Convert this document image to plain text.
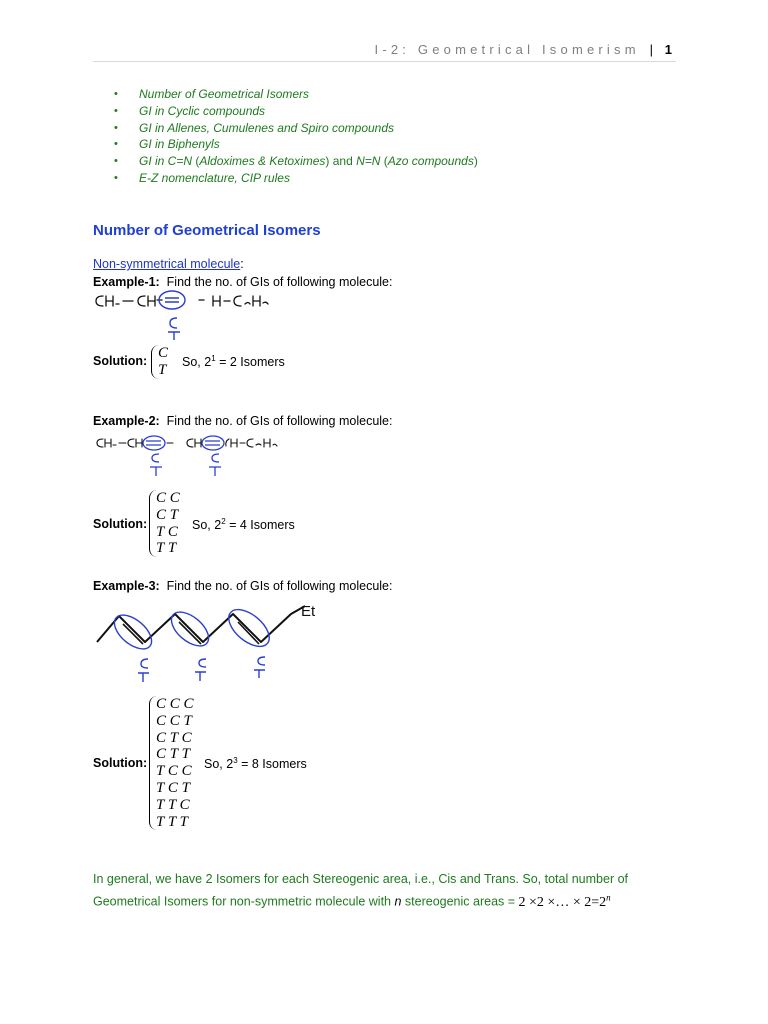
I-2: Geometrical Isomerism | 1
• Number of Geometrical Isomers
• GI in Cyclic compounds
• GI in Allenes, Cumulenes and Spiro compounds
• GI in Biphenyls
• GI in C=N (Aldoximes & Ketoximes) and N=N (Azo compounds)
• E-Z nomenclature, CIP rules
Number of Geometrical Isomers
Non-symmetrical molecule:
Example-1: Find the no. of GIs of following molecule:
Solution: C
T So, $2^1 = 2$ Isomers
Example-2: Find the no. of GIs of following molecule:
Solution:
C C
C T
T C
T T
So, $2^2 = 4$ Isomers
Example-3: Find the no. of GIs of following molecule:
Et
Solution:
C C C
C C T
C T C
C T T
T C C
T C T
T T C
T T T
So, $2^3 = 8$ Isomers
In general, we have 2 Isomers for each Stereogenic area, i.e., Cis and Trans. So, total number of
Geometrical Isomers for non-symmetric molecule with n stereogenic areas = 2 ×2 ×… × $2=2^n$
